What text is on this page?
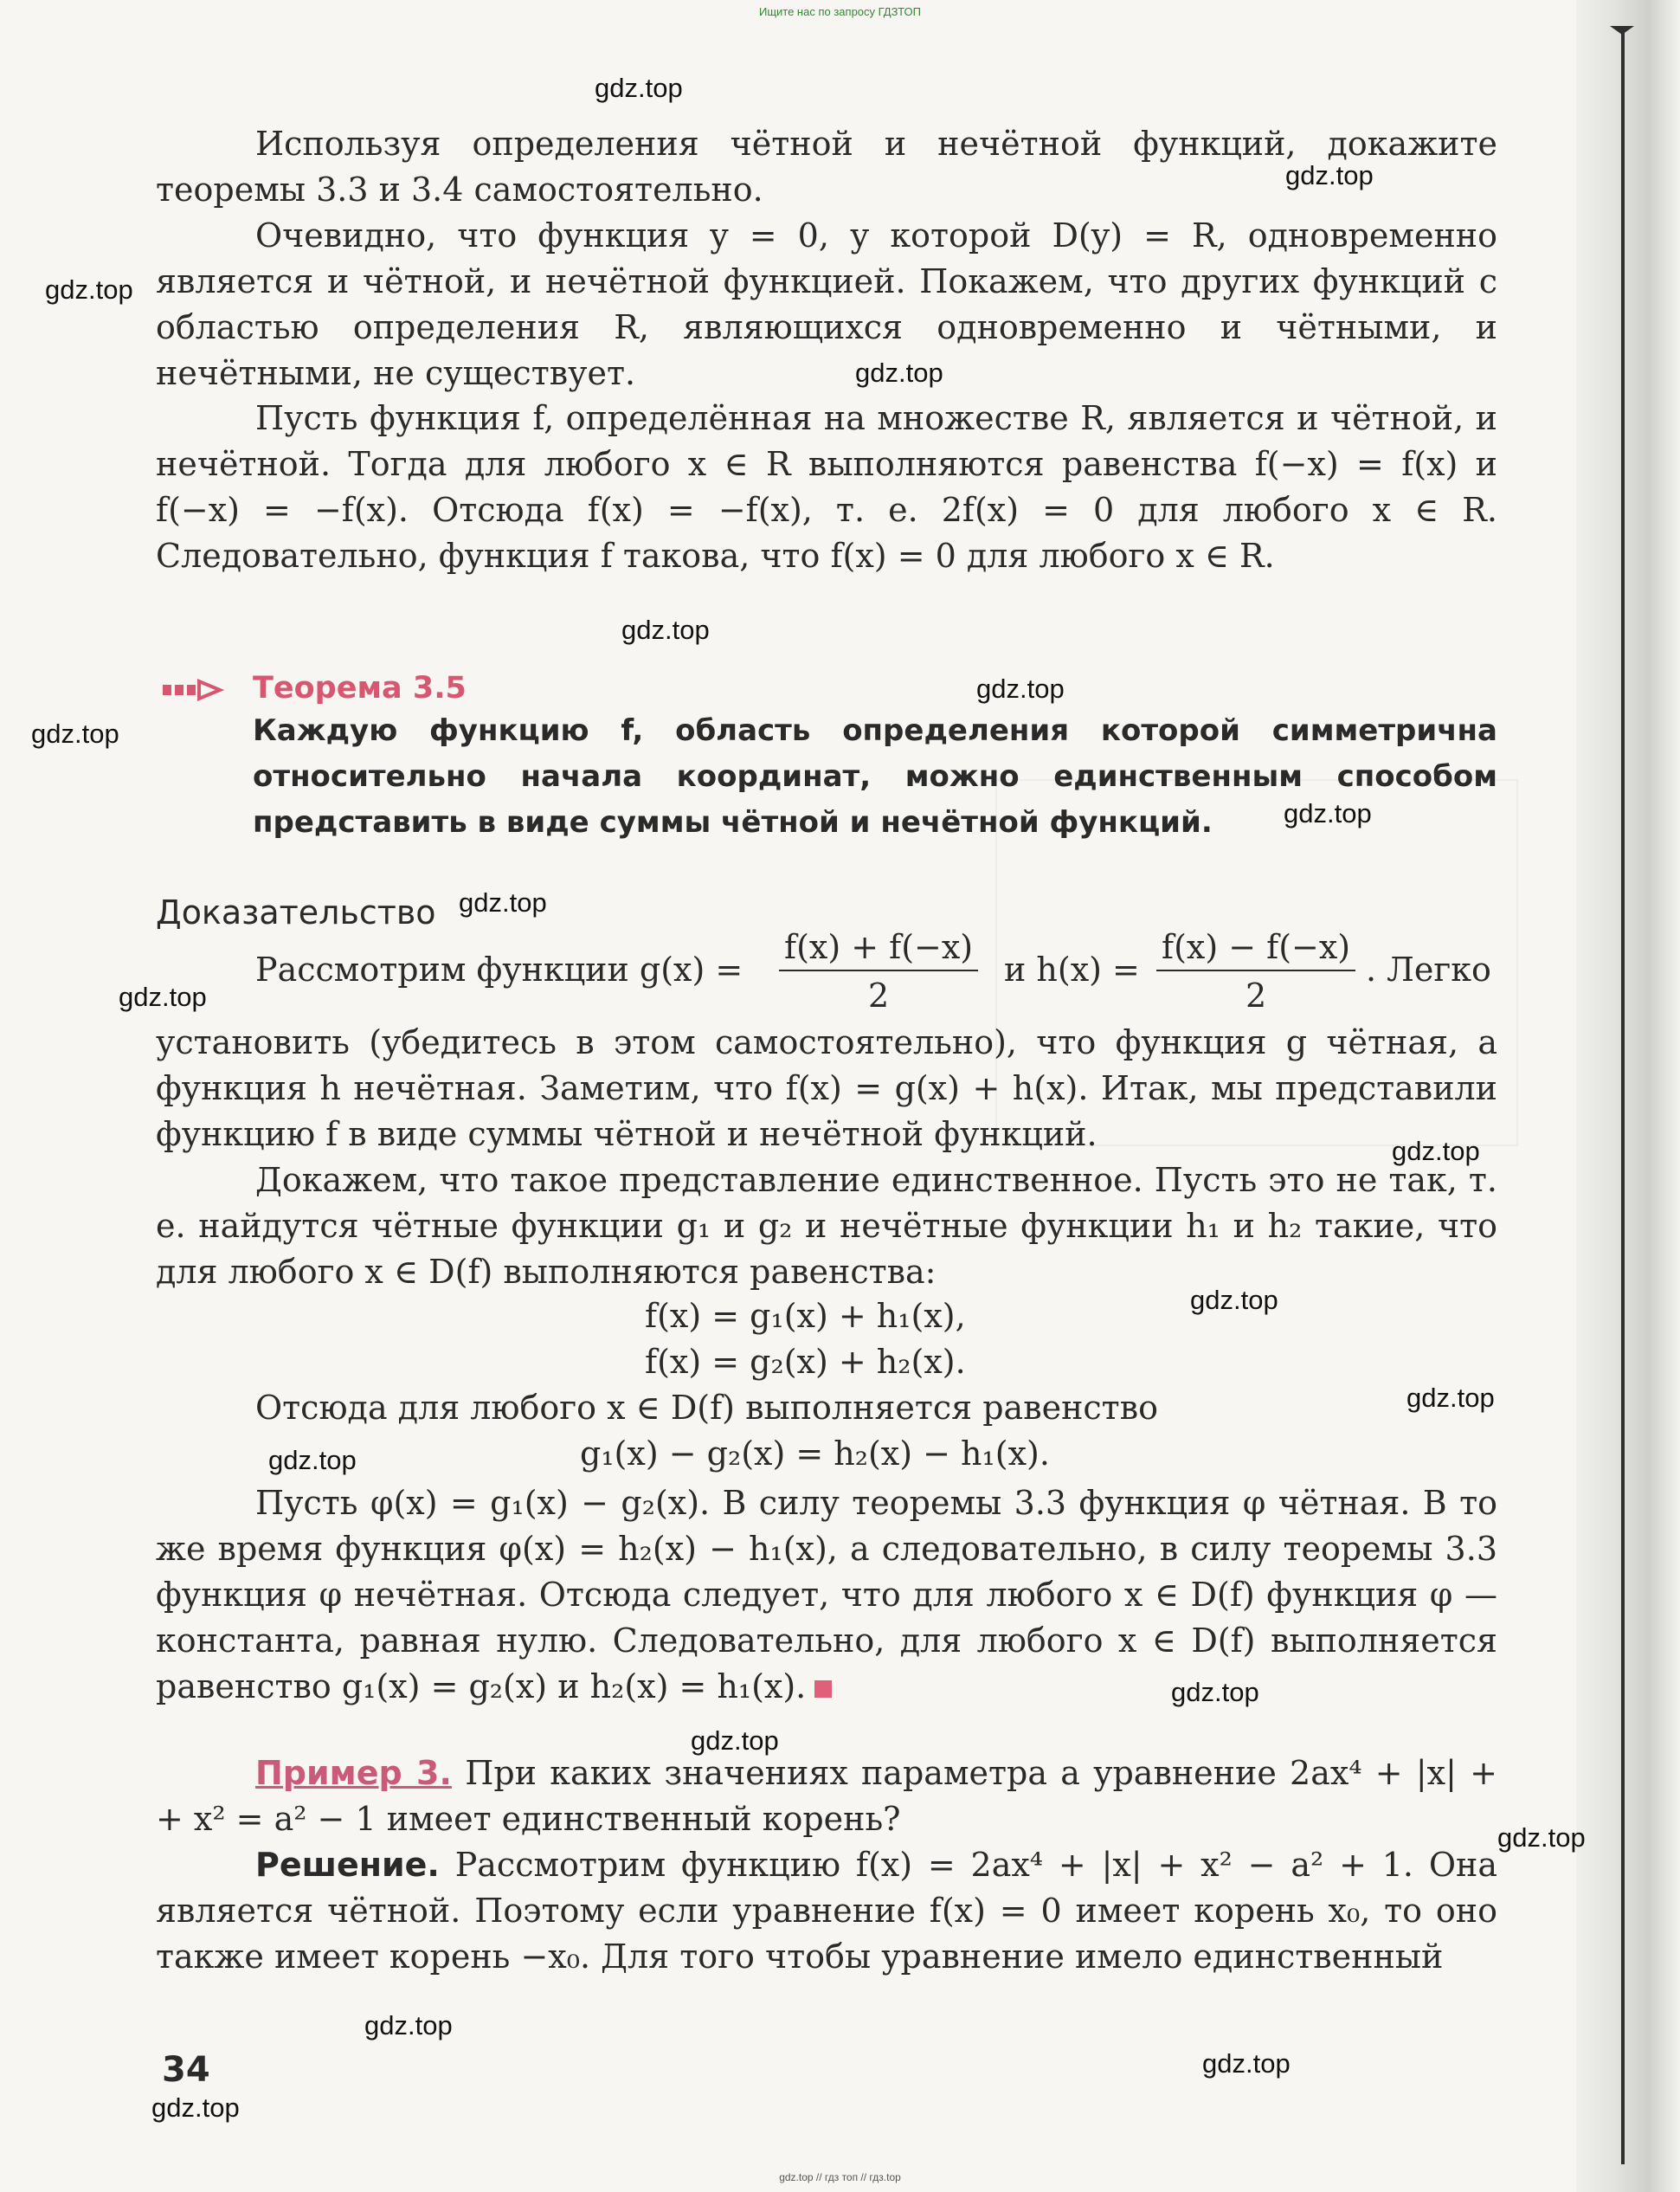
Ищите нас по запросу ГДЗТОП
gdz.top
gdz.top
gdz.top
gdz.top
gdz.top
gdz.top
gdz.top
gdz.top
gdz.top
gdz.top
gdz.top
gdz.top
gdz.top
gdz.top
gdz.top
gdz.top
gdz.top
gdz.top
gdz.top
gdz.top

Используя определения чётной и нечётной функций, докажите теоремы 3.3 и 3.4 самостоятельно.

Очевидно, что функция y = 0, у которой D(y) = R, одновременно является и чётной, и нечётной функцией. Покажем, что других функций с областью определения R, являющихся одновременно и чётными, и нечётными, не существует.

Пусть функция f, определённая на множестве R, является и чётной, и нечётной. Тогда для любого x ∈ R выполняются равенства f(−x) = f(x) и f(−x) = −f(x). Отсюда f(x) = −f(x), т. е. 2f(x) = 0 для любого x ∈ R. Следовательно, функция f такова, что f(x) = 0 для любого x ∈ R.

Теорема 3.5

Каждую функцию f, область определения которой симметрична относительно начала координат, можно единственным способом представить в виде суммы чётной и нечётной функций.

Доказательство
Рассмотрим функции $g(x) = \frac{f(x) + f(-x)}{2}$ и $h(x) = \frac{f(x) - f(-x)}{2}$ . Легко

установить (убедитесь в этом самостоятельно), что функция g чётная, а функция h нечётная. Заметим, что f(x) = g(x) + h(x). Итак, мы представили функцию f в виде суммы чётной и нечётной функций.

Докажем, что такое представление единственное. Пусть это не так, т. е. найдутся чётные функции g₁ и g₂ и нечётные функции h₁ и h₂ такие, что для любого x ∈ D(f) выполняются равенства:

f(x) = g₁(x) + h₁(x),
f(x) = g₂(x) + h₂(x).
Отсюда для любого x ∈ D(f) выполняется равенство
g₁(x) − g₂(x) = h₂(x) − h₁(x).

Пусть φ(x) = g₁(x) − g₂(x). В силу теоремы 3.3 функция φ чётная. В то же время функция φ(x) = h₂(x) − h₁(x), а следовательно, в силу теоремы 3.3 функция φ нечётная. Отсюда следует, что для любого x ∈ D(f) функция φ — константа, равная нулю. Следовательно, для любого x ∈ D(f) выполняется равенство g₁(x) = g₂(x) и h₂(x) = h₁(x).

Пример 3. При каких значениях параметра a уравнение 2ax⁴ + |x| + + x² = a² − 1 имеет единственный корень?

Решение. Рассмотрим функцию f(x) = 2ax⁴ + |x| + x² − a² + 1. Она является чётной. Поэтому если уравнение f(x) = 0 имеет корень x₀, то оно также имеет корень −x₀. Для того чтобы уравнение имело единственный

34
gdz.top // гдз топ // гдз.top
